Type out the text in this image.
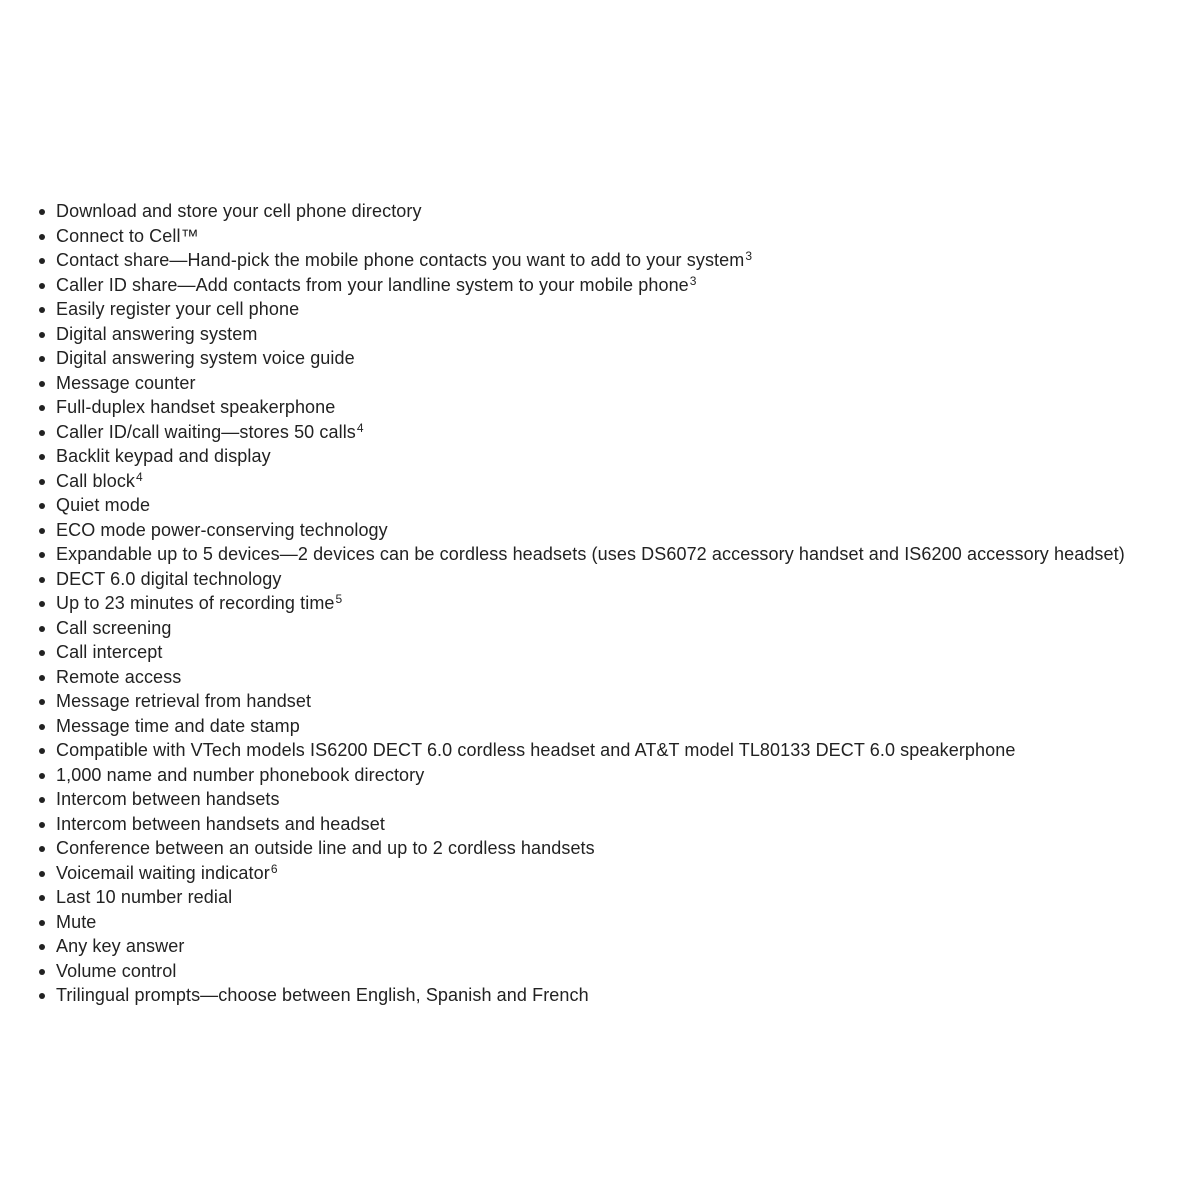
Download and store your cell phone directory
Connect to Cell™
Contact share—Hand-pick the mobile phone contacts you want to add to your system$^3$
Caller ID share—Add contacts from your landline system to your mobile phone$^3$
Easily register your cell phone
Digital answering system
Digital answering system voice guide
Message counter
Full-duplex handset speakerphone
Caller ID/call waiting—stores 50 calls$^4$
Backlit keypad and display
Call block$^4$
Quiet mode
ECO mode power-conserving technology
Expandable up to 5 devices—2 devices can be cordless headsets (uses DS6072 accessory handset and IS6200 accessory headset)
DECT 6.0 digital technology
Up to 23 minutes of recording time$^5$
Call screening
Call intercept
Remote access
Message retrieval from handset
Message time and date stamp
Compatible with VTech models IS6200 DECT 6.0 cordless headset and AT&T model TL80133 DECT 6.0 speakerphone
1,000 name and number phonebook directory
Intercom between handsets
Intercom between handsets and headset
Conference between an outside line and up to 2 cordless handsets
Voicemail waiting indicator$^6$
Last 10 number redial
Mute
Any key answer
Volume control
Trilingual prompts—choose between English, Spanish and French
